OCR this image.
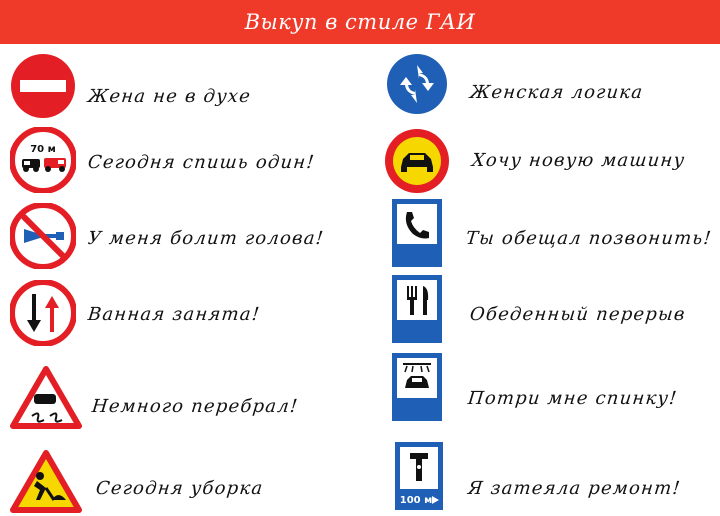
Выкуп в стиле ГАИ
Жена не в духе
70 м
Сегодня спишь один!
У меня болит голова!
Ванная занята!
Немного перебрал!
Сегодня уборка
Женская логика
Хочу новую машину
Ты обещал позвонить!
Обеденный перерыв
Потри мне спинку!
100 м
Я затеяла ремонт!
